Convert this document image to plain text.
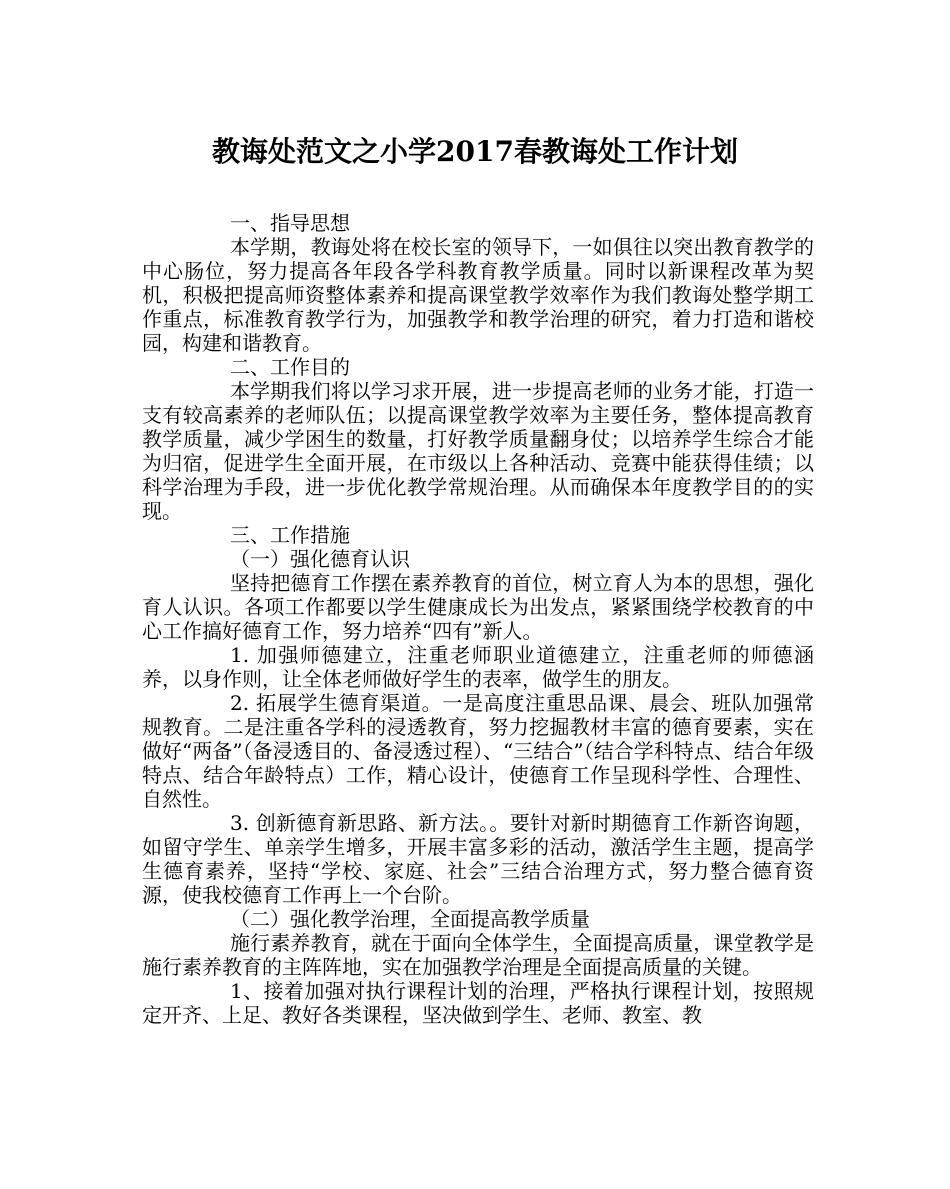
教诲处范文之小学2017春教诲处工作计划

一、指导思想

本学期，教诲处将在校长室的领导下，一如俱往以突出教育教学的中心肠位，努力提高各年段各学科教育教学质量。同时以新课程改革为契机，积极把提高师资整体素养和提高课堂教学效率作为我们教诲处整学期工作重点，标准教育教学行为，加强教学和教学治理的研究，着力打造和谐校园，构建和谐教育。

二、工作目的

本学期我们将以学习求开展，进一步提高老师的业务才能，打造一支有较高素养的老师队伍；以提高课堂教学效率为主要任务，整体提高教育教学质量，减少学困生的数量，打好教学质量翻身仗；以培养学生综合才能为归宿，促进学生全面开展，在市级以上各种活动、竞赛中能获得佳绩；以科学治理为手段，进一步优化教学常规治理。从而确保本年度教学目的的实现。

三、工作措施

（一）强化德育认识

坚持把德育工作摆在素养教育的首位，树立育人为本的思想，强化育人认识。各项工作都要以学生健康成长为出发点，紧紧围绕学校教育的中心工作搞好德育工作，努力培养“四有”新人。

1. 加强师德建立，注重老师职业道德建立，注重老师的师德涵养，以身作则，让全体老师做好学生的表率，做学生的朋友。

2. 拓展学生德育渠道。一是高度注重思品课、晨会、班队加强常规教育。二是注重各学科的浸透教育，努力挖掘教材丰富的德育要素，实在做好“两备”（备浸透目的、备浸透过程）、“三结合”（结合学科特点、结合年级特点、结合年龄特点）工作，精心设计，使德育工作呈现科学性、合理性、自然性。

3. 创新德育新思路、新方法。。要针对新时期德育工作新咨询题，如留守学生、单亲学生增多，开展丰富多彩的活动，激活学生主题，提高学生德育素养，坚持“学校、家庭、社会”三结合治理方式，努力整合德育资源，使我校德育工作再上一个台阶。

（二）强化教学治理，全面提高教学质量

施行素养教育，就在于面向全体学生，全面提高质量，课堂教学是施行素养教育的主阵阵地，实在加强教学治理是全面提高质量的关键。

1、接着加强对执行课程计划的治理，严格执行课程计划，按照规定开齐、上足、教好各类课程，坚决做到学生、老师、教室、教
